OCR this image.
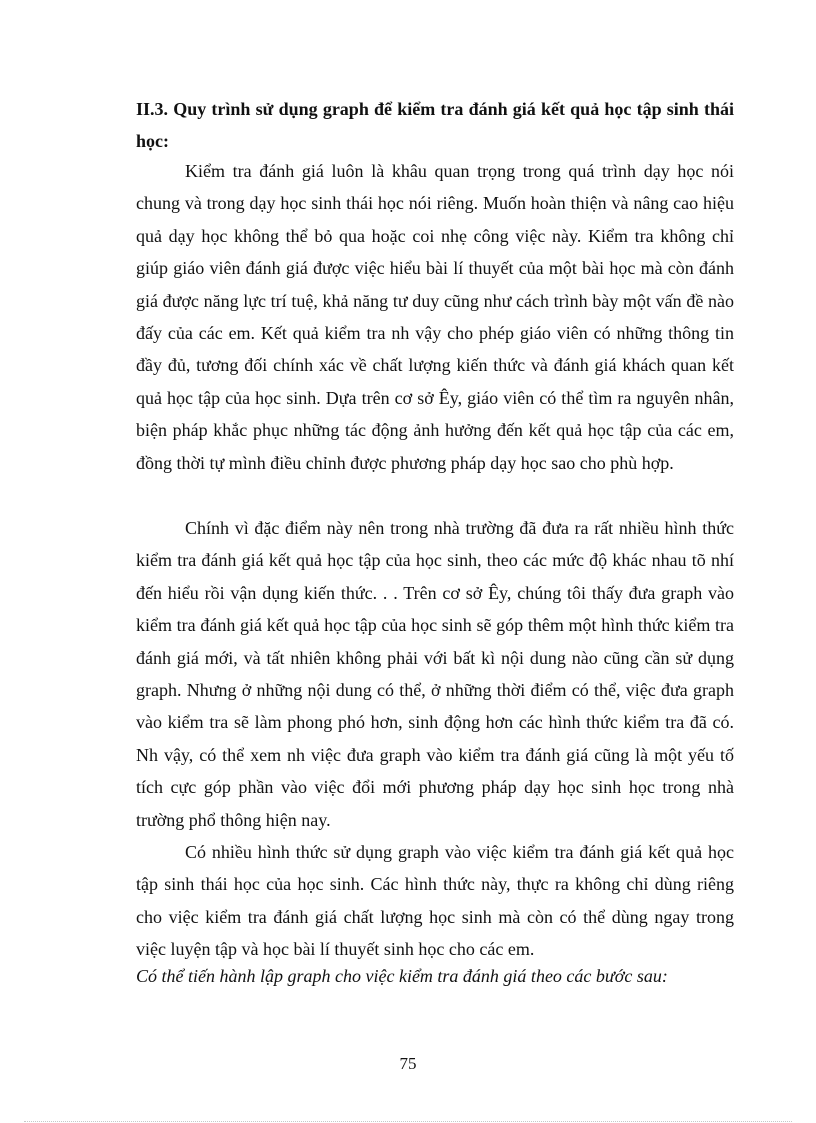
II.3. Quy trình sử dụng graph để kiểm tra đánh giá kết quả học tập sinh thái học:

Kiểm tra đánh giá luôn là khâu quan trọng trong quá trình dạy học nói chung và trong dạy học sinh thái học nói riêng. Muốn hoàn thiện và nâng cao hiệu quả dạy học không thể bỏ qua hoặc coi nhẹ công việc này. Kiểm tra không chỉ giúp giáo viên đánh giá được việc hiểu bài lí thuyết của một bài học mà còn đánh giá được năng lực trí tuệ, khả năng tư duy cũng như cách trình bày một vấn đề nào đấy của các em. Kết quả kiểm tra nh vậy cho phép giáo viên có những thông tin đầy đủ, tương đối chính xác về chất lượng kiến thức và đánh giá khách quan kết quả học tập của học sinh. Dựa trên cơ sở Êy, giáo viên có thể tìm ra nguyên nhân, biện pháp khắc phục những tác động ảnh hưởng đến kết quả học tập của các em, đồng thời tự mình điều chỉnh được phương pháp dạy học sao cho phù hợp.

Chính vì đặc điểm này nên trong nhà trường đã đưa ra rất nhiều hình thức kiểm tra đánh giá kết quả học tập của học sinh, theo các mức độ khác nhau tõ nhí đến hiểu rồi vận dụng kiến thức. . . Trên cơ sở Êy, chúng tôi thấy đưa graph vào kiểm tra đánh giá kết quả học tập của học sinh sẽ góp thêm một hình thức kiểm tra đánh giá mới, và tất nhiên không phải với bất kì nội dung nào cũng cần sử dụng graph. Nhưng ở những nội dung có thể, ở những thời điểm có thể, việc đưa graph vào kiểm tra sẽ làm phong phó hơn, sinh động hơn các hình thức kiểm tra đã có. Nh vậy, có thể xem nh việc đưa graph vào kiểm tra đánh giá cũng là một yếu tố tích cực góp phần vào việc đổi mới phương pháp dạy học sinh học trong nhà trường phổ thông hiện nay.

Có nhiều hình thức sử dụng graph vào việc kiểm tra đánh giá kết quả học tập sinh thái học của học sinh. Các hình thức này, thực ra không chỉ dùng riêng cho việc kiểm tra đánh giá chất lượng học sinh mà còn có thể dùng ngay trong việc luyện tập và học bài lí thuyết sinh học cho các em.

Có thể tiến hành lập graph cho việc kiểm tra đánh giá theo các bước sau:

75
